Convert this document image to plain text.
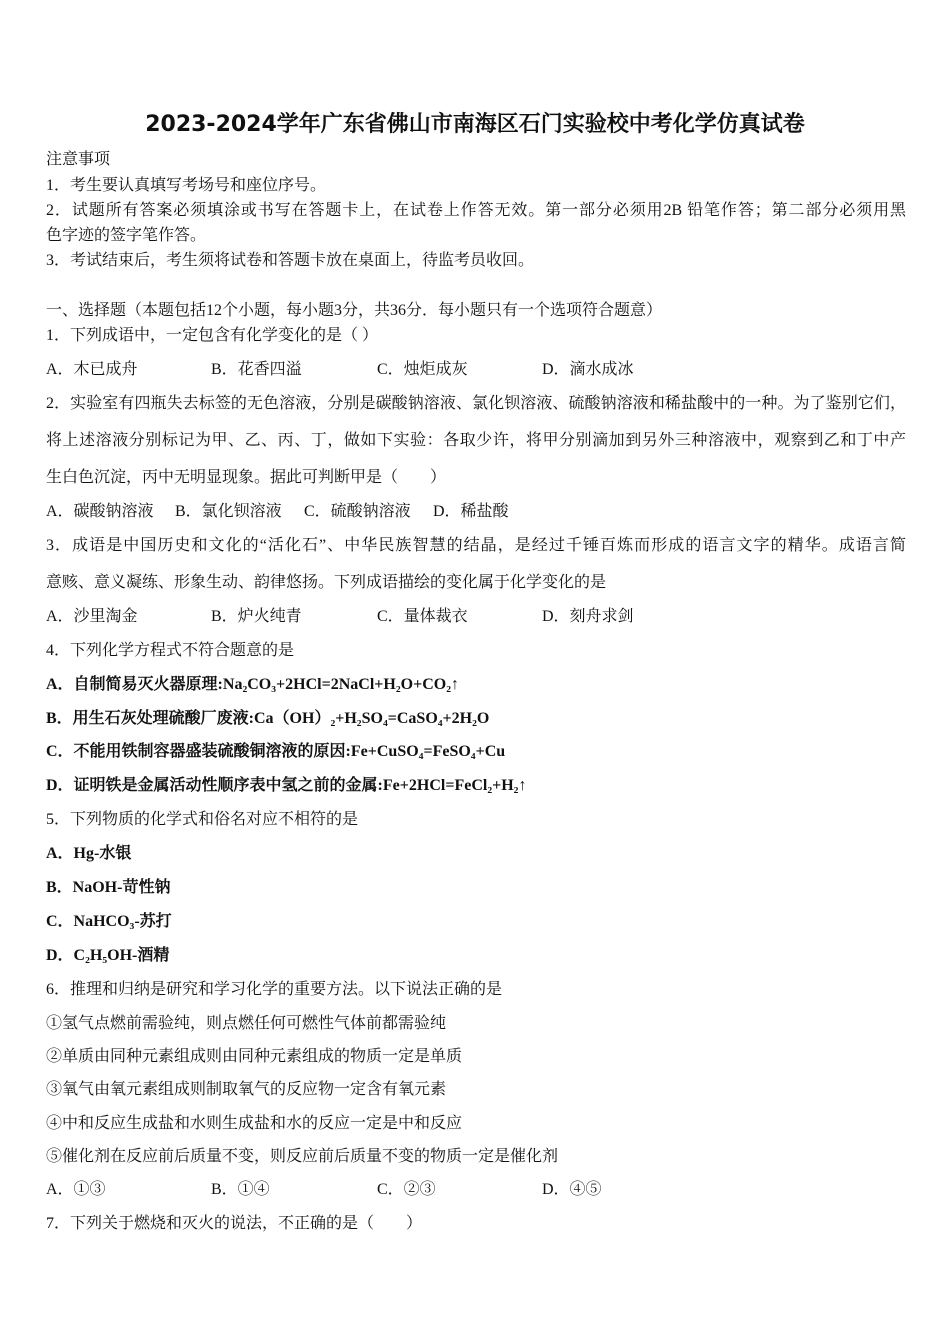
2023-2024学年广东省佛山市南海区石门实验校中考化学仿真试卷
注意事项
1．考生要认真填写考场号和座位序号。
2．试题所有答案必须填涂或书写在答题卡上，在试卷上作答无效。第一部分必须用2B 铅笔作答；第二部分必须用黑
色字迹的签字笔作答。
3．考试结束后，考生须将试卷和答题卡放在桌面上，待监考员收回。
一、选择题（本题包括12个小题，每小题3分，共36分．每小题只有一个选项符合题意）
1．下列成语中，一定包含有化学变化的是（ ）
A．木已成舟	B．花香四溢	C．烛炬成灰	D．滴水成冰
2．实验室有四瓶失去标签的无色溶液，分别是碳酸钠溶液、氯化钡溶液、硫酸钠溶液和稀盐酸中的一种。为了鉴别它们，
将上述溶液分别标记为甲、乙、丙、丁，做如下实验：各取少许，将甲分别滴加到另外三种溶液中，观察到乙和丁中产
生白色沉淀，丙中无明显现象。据此可判断甲是（　　）
A．碳酸钠溶液 B．氯化钡溶液 C．硫酸钠溶液 D．稀盐酸
3．成语是中国历史和文化的“活化石”、中华民族智慧的结晶，是经过千锤百炼而形成的语言文字的精华。成语言简
意赅、意义凝练、形象生动、韵律悠扬。下列成语描绘的变化属于化学变化的是
A．沙里淘金	B．炉火纯青	C．量体裁衣	D．刻舟求剑
4．下列化学方程式不符合题意的是
A．自制简易灭火器原理:Na₂CO₃+2HCl=2NaCl+H₂O+CO₂↑
B．用生石灰处理硫酸厂废液:Ca（OH）₂+H₂SO₄=CaSO₄+2H₂O
C．不能用铁制容器盛装硫酸铜溶液的原因:Fe+CuSO₄=FeSO₄+Cu
D．证明铁是金属活动性顺序表中氢之前的金属:Fe+2HCl=FeCl₂+H₂↑
5．下列物质的化学式和俗名对应不相符的是
A．Hg-水银
B．NaOH-苛性钠
C．NaHCO₃-苏打
D．C₂H₅OH-酒精
6．推理和归纳是研究和学习化学的重要方法。以下说法正确的是
①氢气点燃前需验纯，则点燃任何可燃性气体前都需验纯
②单质由同种元素组成则由同种元素组成的物质一定是单质
③氧气由氧元素组成则制取氧气的反应物一定含有氧元素
④中和反应生成盐和水则生成盐和水的反应一定是中和反应
⑤催化剂在反应前后质量不变，则反应前后质量不变的物质一定是催化剂
A．①③	B．①④	C．②③	D．④⑤
7．下列关于燃烧和灭火的说法，不正确的是（　　）
